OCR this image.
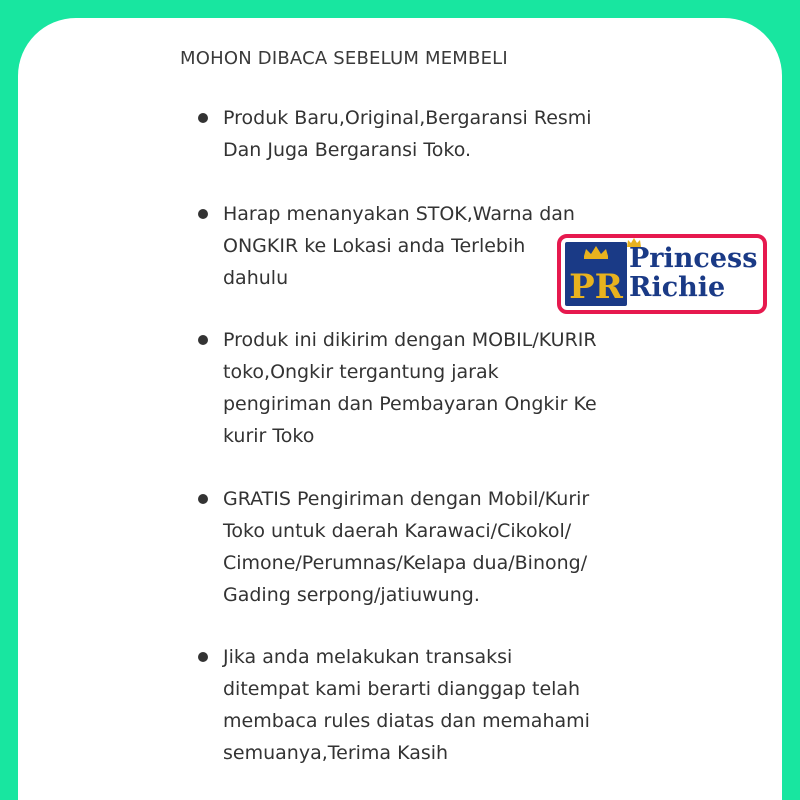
MOHON DIBACA SEBELUM MEMBELI
Produk Baru,Original,Bergaransi Resmi
Dan Juga Bergaransi Toko.
Harap menanyakan STOK,Warna dan
ONGKIR ke Lokasi anda Terlebih
dahulu
Produk ini dikirim dengan MOBIL/KURIR
toko,Ongkir tergantung jarak
pengiriman dan Pembayaran Ongkir Ke
kurir Toko
GRATIS Pengiriman dengan Mobil/Kurir
Toko untuk daerah Karawaci/Cikokol/
Cimone/Perumnas/Kelapa dua/Binong/
Gading serpong/jatiuwung.
Jika anda melakukan transaksi
ditempat kami berarti dianggap telah
membaca rules diatas dan memahami
semuanya,Terima Kasih
PR
Princess
Richie
